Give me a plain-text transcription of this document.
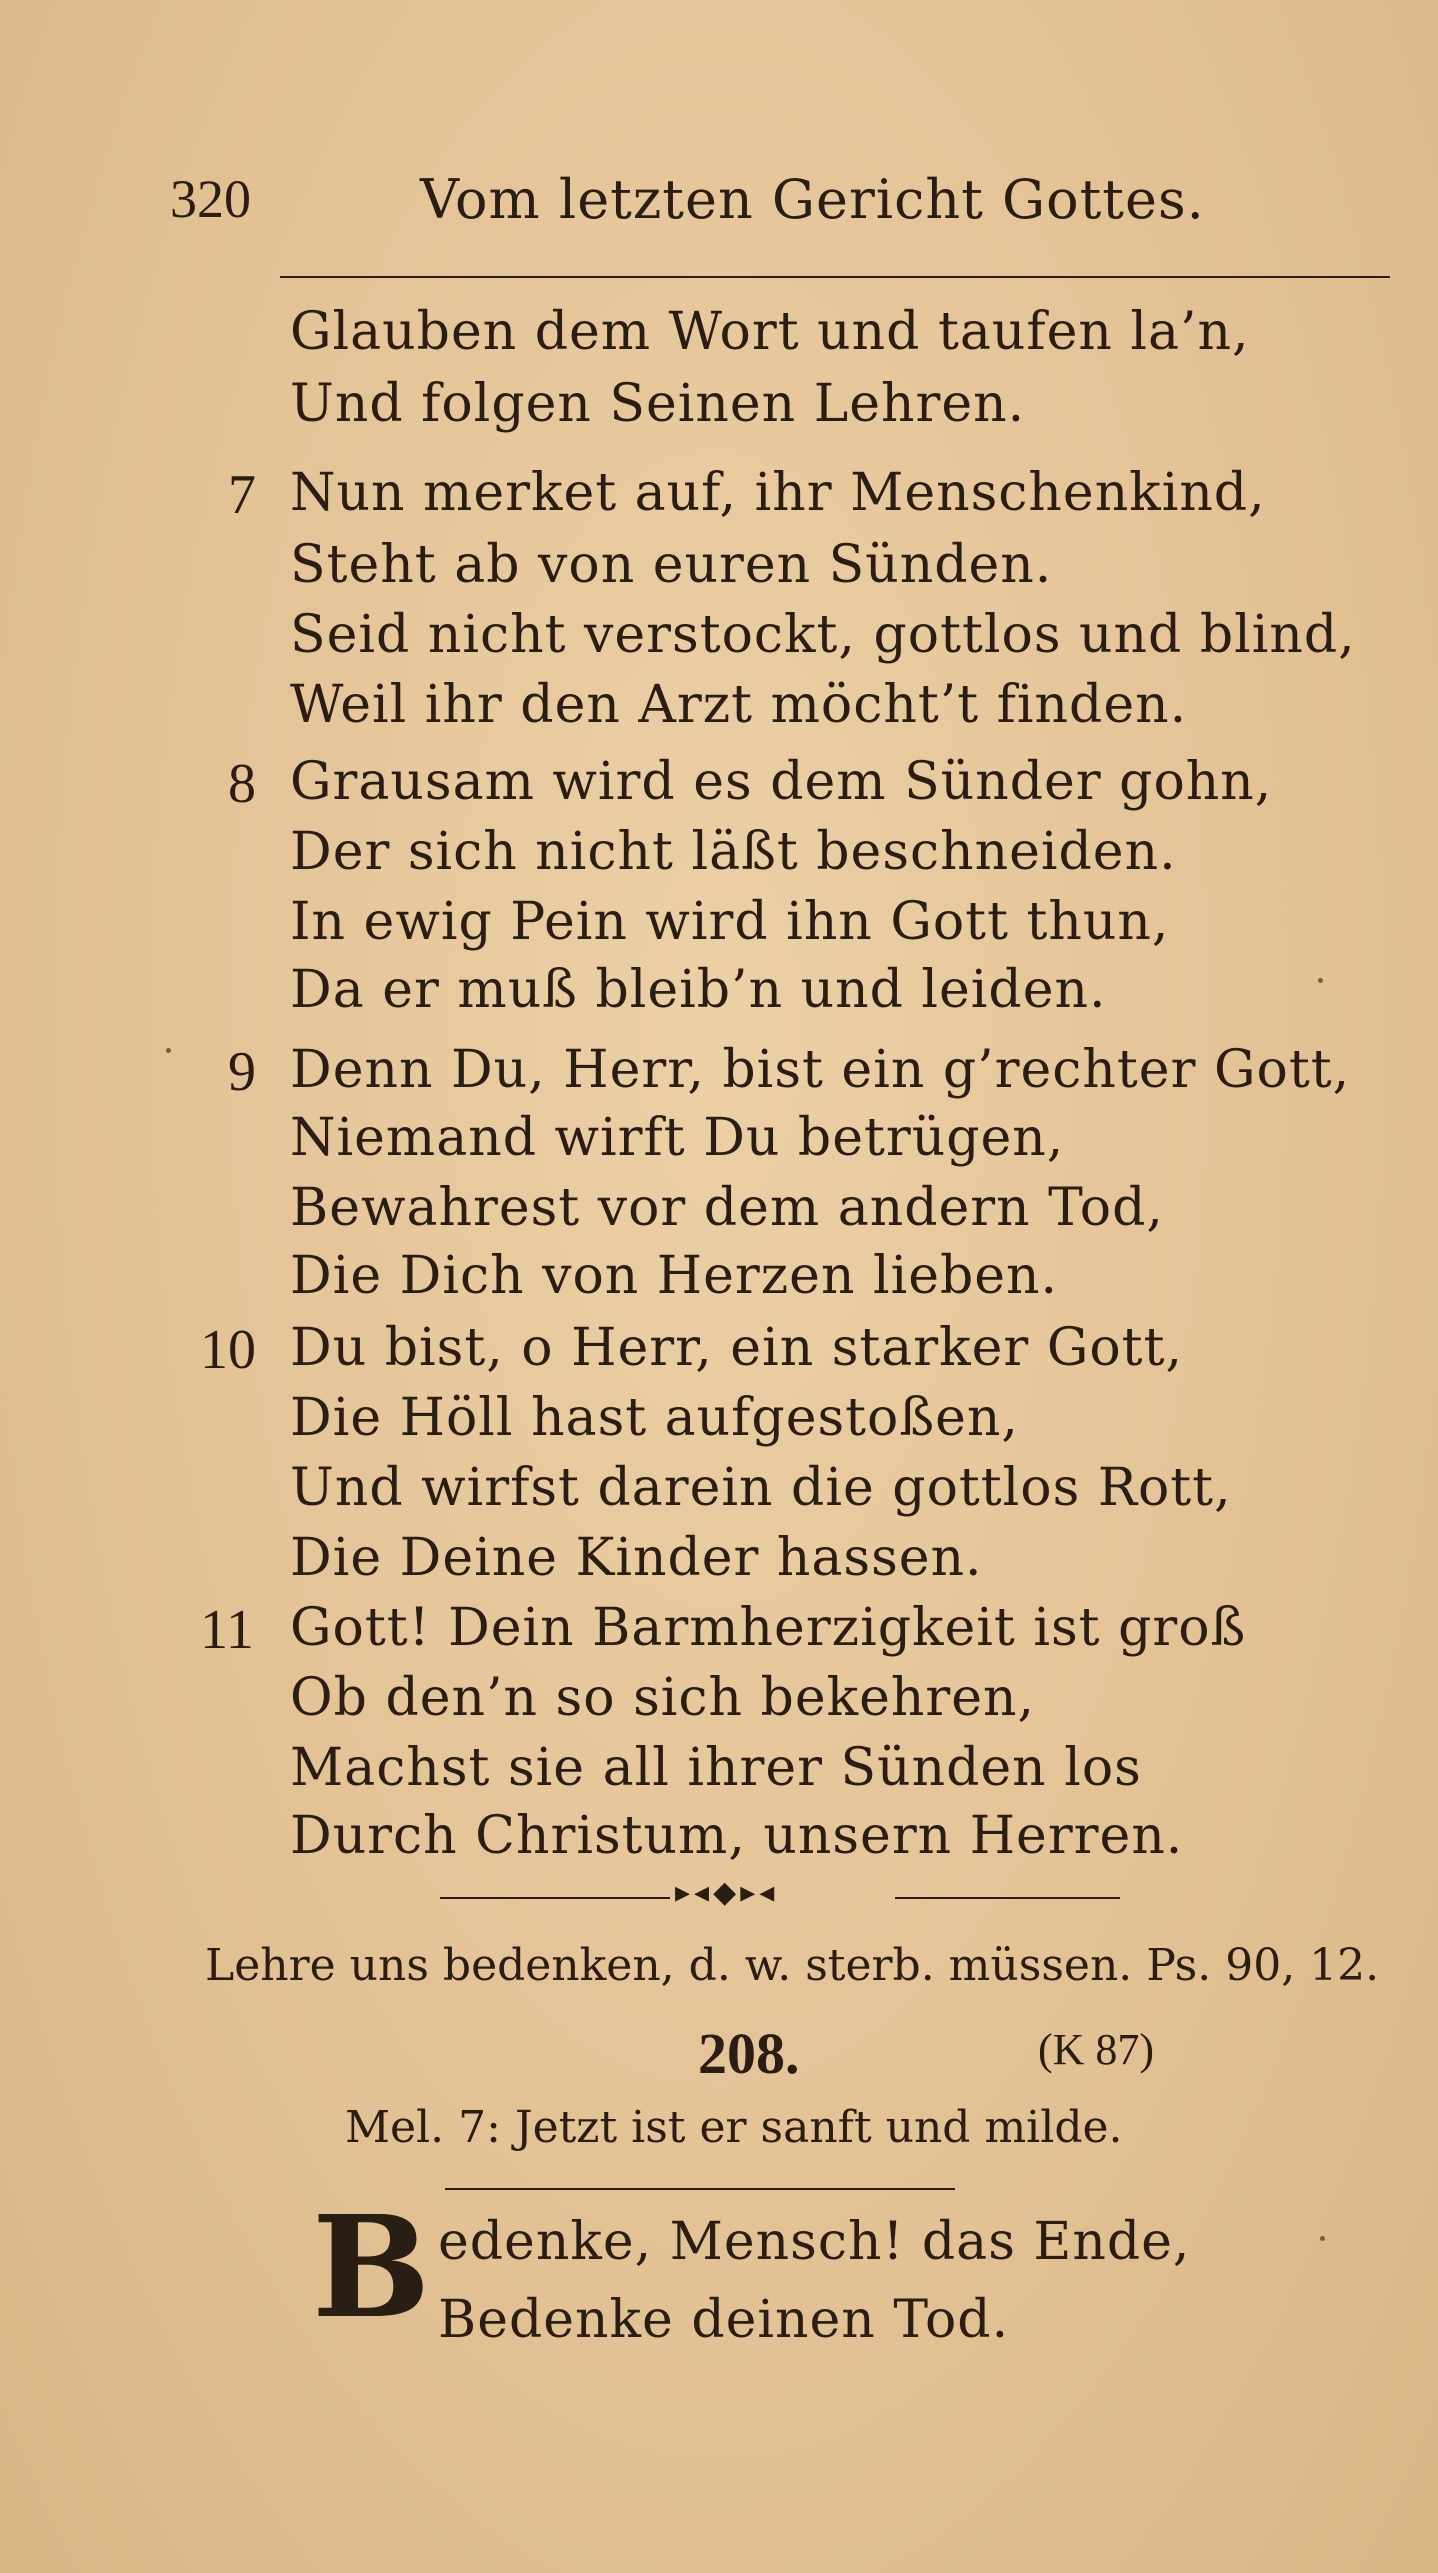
320	Vom letzten Gericht Gottes.
Glauben dem Wort und taufen la’n,
Und folgen Seinen Lehren.
7 Nun merket auf, ihr Menschenkind,
Steht ab von euren Sünden.
Seid nicht verstockt, gottlos und blind,
Weil ihr den Arzt möcht’t finden.
8 Grausam wird es dem Sünder gohn,
Der sich nicht läßt beschneiden.
In ewig Pein wird ihn Gott thun,
Da er muß bleib’n und leiden.
9 Denn Du, Herr, bist ein g’rechter Gott,
Niemand wirft Du betrügen,
Bewahrest vor dem andern Tod,
Die Dich von Herzen lieben.
10 Du bist, o Herr, ein starker Gott,
Die Höll hast aufgestoßen,
Und wirfst darein die gottlos Rott,
Die Deine Kinder hassen.
11 Gott! Dein Barmherzigkeit ist groß
Ob den’n so sich bekehren,
Machst sie all ihrer Sünden los
Durch Christum, unsern Herren.
▸◂◆▸◂
Lehre uns bedenken, d. w. sterb. müssen. Ps. 90, 12.
208.	(K 87)
Mel. 7: Jetzt ist er sanft und milde.
B edenke, Mensch! das Ende,
Bedenke deinen Tod.
